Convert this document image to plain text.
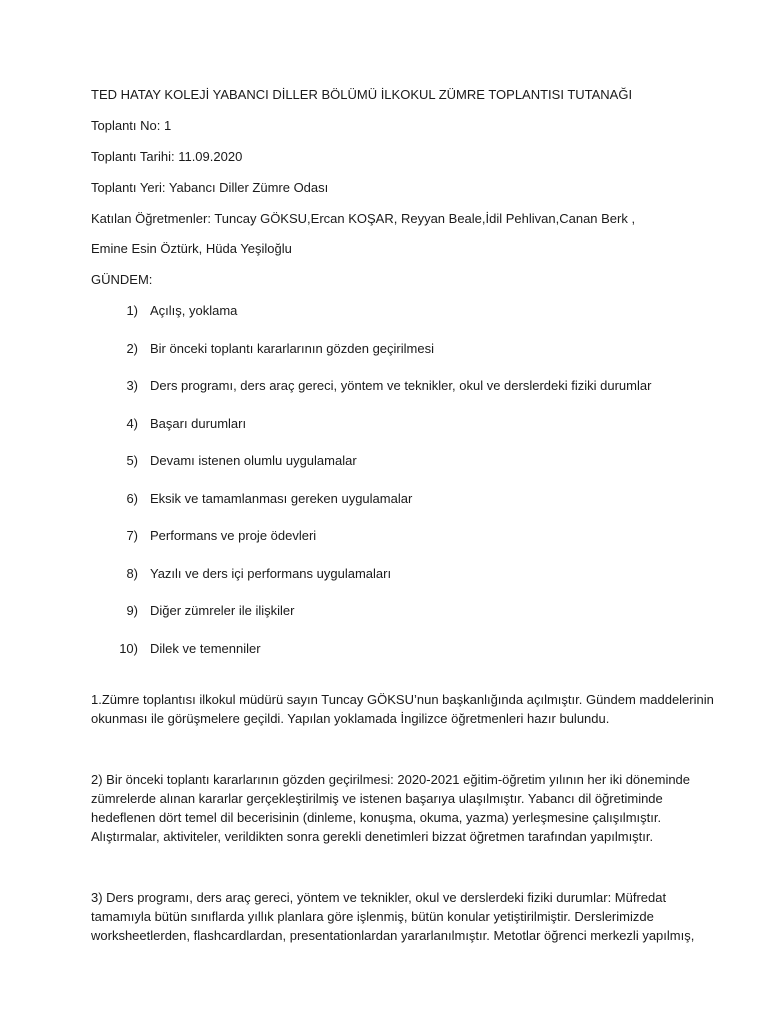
TED HATAY KOLEJİ YABANCI DİLLER BÖLÜMÜ İLKOKUL ZÜMRE TOPLANTISI TUTANAĞI
Toplantı No: 1
Toplantı Tarihi: 11.09.2020
Toplantı Yeri: Yabancı Diller Zümre Odası
Katılan Öğretmenler: Tuncay GÖKSU,Ercan KOŞAR, Reyyan Beale,İdil Pehlivan,Canan Berk ,
Emine Esin Öztürk, Hüda Yeşiloğlu
GÜNDEM:
1) Açılış, yoklama
2) Bir önceki toplantı kararlarının gözden geçirilmesi
3) Ders programı, ders araç gereci, yöntem ve teknikler, okul ve derslerdeki fiziki durumlar
4) Başarı durumları
5) Devamı istenen olumlu uygulamalar
6) Eksik ve tamamlanması gereken uygulamalar
7) Performans ve proje ödevleri
8) Yazılı ve ders içi performans uygulamaları
9) Diğer zümreler ile ilişkiler
10) Dilek ve temenniler
1.Zümre toplantısı ilkokul müdürü sayın Tuncay GÖKSU’nun başkanlığında açılmıştır. Gündem maddelerinin
okunması ile görüşmelere geçildi. Yapılan yoklamada İngilizce öğretmenleri hazır bulundu.
2) Bir önceki toplantı kararlarının gözden geçirilmesi: 2020-2021 eğitim-öğretim yılının her iki döneminde
zümrelerde alınan kararlar gerçekleştirilmiş ve istenen başarıya ulaşılmıştır. Yabancı dil öğretiminde
hedeflenen dört temel dil becerisinin (dinleme, konuşma, okuma, yazma) yerleşmesine çalışılmıştır.
Alıştırmalar, aktiviteler, verildikten sonra gerekli denetimleri bizzat öğretmen tarafından yapılmıştır.
3) Ders programı, ders araç gereci, yöntem ve teknikler, okul ve derslerdeki fiziki durumlar: Müfredat
tamamıyla bütün sınıflarda yıllık planlara göre işlenmiş, bütün konular yetiştirilmiştir. Derslerimizde
worksheetlerden, flashcardlardan, presentationlardan yararlanılmıştır. Metotlar öğrenci merkezli yapılmış,
